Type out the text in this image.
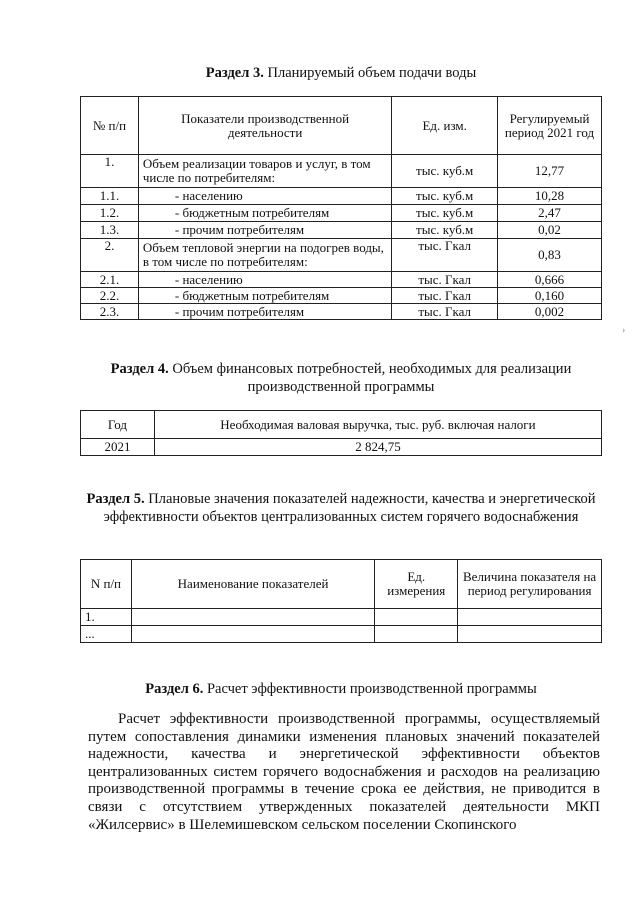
Раздел 3. Планируемый объем подачи воды
№ п/п	Показатели производственной деятельности	Ед. изм.	Регулируемый период 2021 год
1.	Объем реализации товаров и услуг, в том числе по потребителям:	тыс. куб.м	12,77
1.1.	- населению	тыс. куб.м	10,28
1.2.	- бюджетным потребителям	тыс. куб.м	2,47
1.3.	- прочим потребителям	тыс. куб.м	0,02
2.	Объем тепловой энергии на подогрев воды, в том числе по потребителям:	тыс. Гкал	0,83
2.1.	- населению	тыс. Гкал	0,666
2.2.	- бюджетным потребителям	тыс. Гкал	0,160
2.3.	- прочим потребителям	тыс. Гкал	0,002
Раздел 4. Объем финансовых потребностей, необходимых для реализации производственной программы
Год	Необходимая валовая выручка, тыс. руб. включая налоги
2021	2 824,75
Раздел 5. Плановые значения показателей надежности, качества и энергетической эффективности объектов централизованных систем горячего водоснабжения
N п/п	Наименование показателей	Ед. измерения	Величина показателя на период регулирования
1.			
...			
Раздел 6. Расчет эффективности производственной программы
Расчет эффективности производственной программы, осуществляемый путем сопоставления динамики изменения плановых значений показателей надежности, качества и энергетической эффективности объектов централизованных систем горячего водоснабжения и расходов на реализацию производственной программы в течение срока ее действия, не приводится в связи с отсутствием утвержденных показателей деятельности МКП «Жилсервис» в Шелемишевском сельском поселении Скопинского
›
